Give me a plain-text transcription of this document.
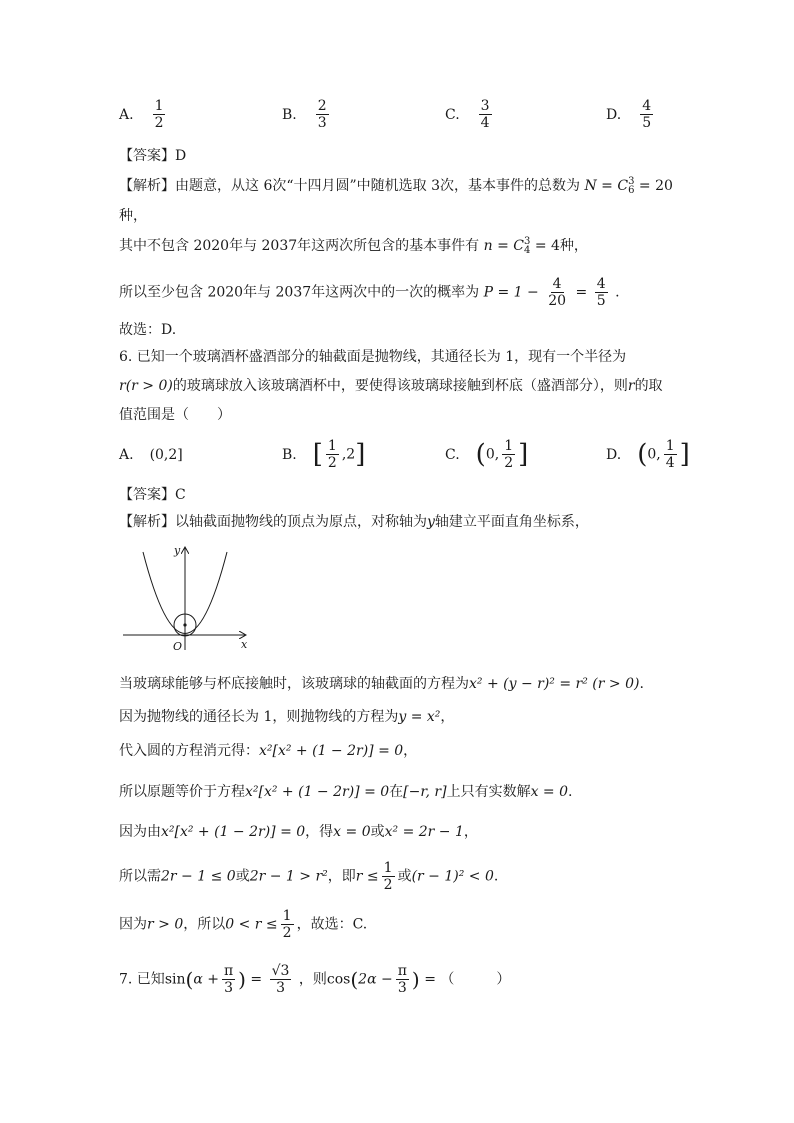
A. $\frac{1}{2}$	B. $\frac{2}{3}$	C. $\frac{3}{4}$	D. $\frac{4}{5}$
【答案】D
【解析】由题意，从这 6次“十四月圆”中随机选取 3次，基本事件的总数为 N = C 3
6 = 20
种，
其中不包含 2020年与 2037年这两次所包含的基本事件有 n = C 3
4 = 4种，
所以至少包含 2020年与 2037年这两次中的一次的概率为 $P = 1 - \frac{4}{20} = \frac{4}{5}$ .
故选：D.
6. 已知一个玻璃酒杯盛酒部分的轴截面是抛物线，其通径长为 1，现有一个半径为
r(r > 0)的玻璃球放入该玻璃酒杯中，要使得该玻璃球接触到杯底（盛酒部分），则r的取
值范围是（　　）
A. (0,2]	B. [ $\frac{1}{2} ,2$]	C. (0, $\frac{1}{2}$ ]	D. (0, $\frac{1}{4}$ ]
【答案】C
【解析】以轴截面抛物线的顶点为原点，对称轴为y轴建立平面直角坐标系，
y
x
O
当玻璃球能够与杯底接触时，该玻璃球的轴截面的方程为x² + (y − r)² = r² (r > 0).
因为抛物线的通径长为 1，则抛物线的方程为y = x²，
代入圆的方程消元得：x²[x² + (1 − 2r)] = 0，
所以原题等价于方程x²[x² + (1 − 2r)] = 0在[−r, r]上只有实数解x = 0.
因为由x²[x² + (1 − 2r)] = 0，得x = 0或x² = 2r − 1，
所以需2r − 1 ≤ 0或2r − 1 > r²，即$r \le \frac{1}{2}$ 或(r − 1)² < 0.
因为r > 0，所以$0 < r \le \frac{1}{2}$ ，故选：C.
7. 已知$\sin(\alpha + \frac{\pi}{3}$ ) = $\frac{√3}{3}$ ，则$\cos(2\alpha - \frac{\pi}{3}$ ) = （　　　）
